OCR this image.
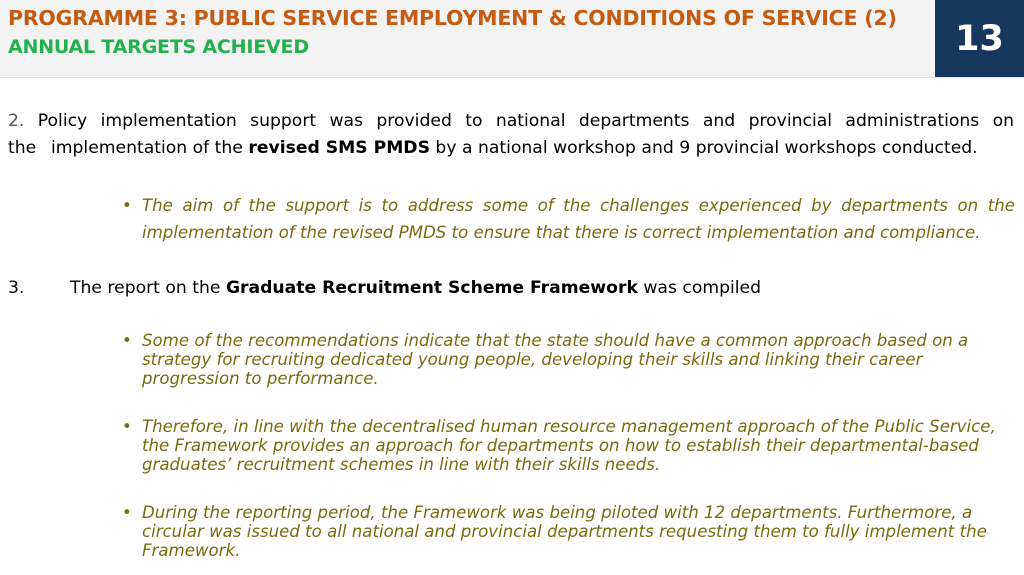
PROGRAMME 3: PUBLIC SERVICE EMPLOYMENT & CONDITIONS OF SERVICE (2)
ANNUAL TARGETS ACHIEVED	13
2. Policy implementation support was provided to national departments and provincial administrations on
the implementation of the revised SMS PMDS by a national workshop and 9 provincial workshops conducted.
• The aim of the support is to address some of the challenges experienced by departments on the
implementation of the revised PMDS to ensure that there is correct implementation and compliance.
3.	The report on the Graduate Recruitment Scheme Framework was compiled
• Some of the recommendations indicate that the state should have a common approach based on a strategy for recruiting dedicated young people, developing their skills and linking their career progression to performance.
• Therefore, in line with the decentralised human resource management approach of the Public Service, the Framework provides an approach for departments on how to establish their departmental-based graduates’ recruitment schemes in line with their skills needs.
• During the reporting period, the Framework was being piloted with 12 departments. Furthermore, a circular was issued to all national and provincial departments requesting them to fully implement the Framework.
